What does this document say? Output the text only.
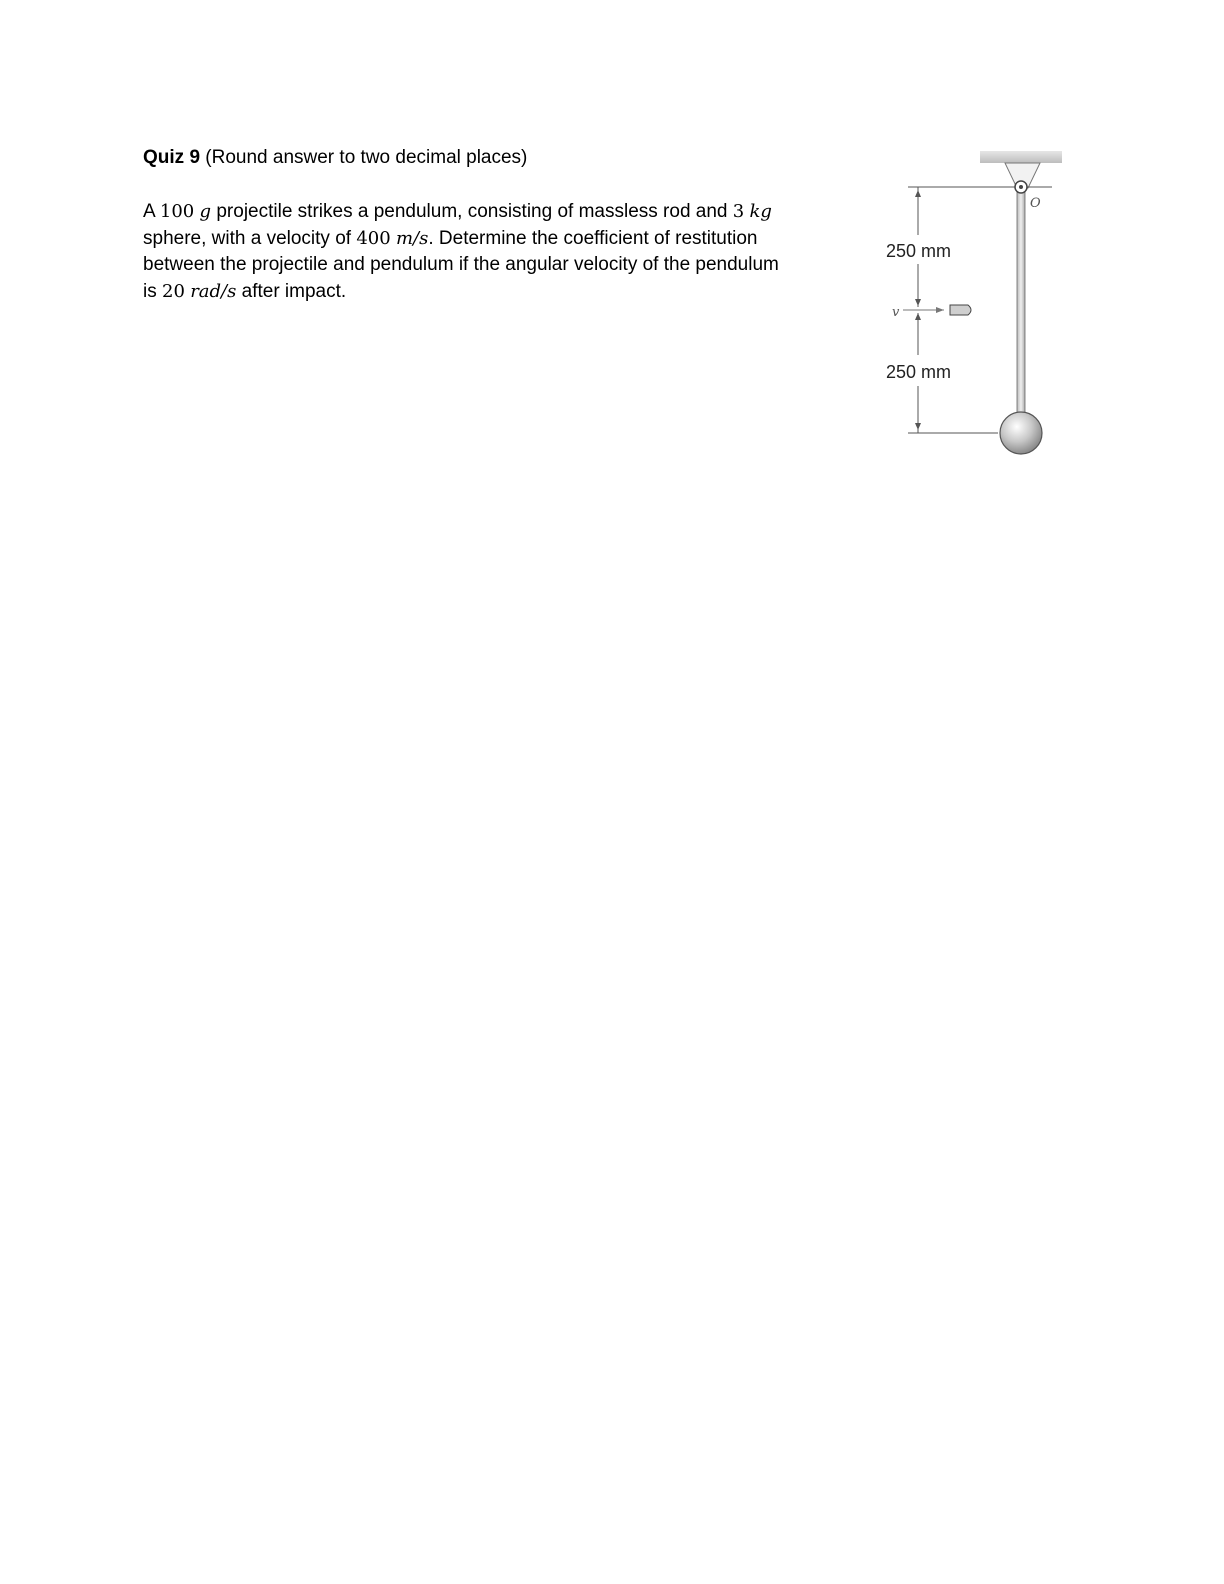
Quiz 9 (Round answer to two decimal places)
A 100 g projectile strikes a pendulum, consisting of massless rod and 3 kg
sphere, with a velocity of 400 m/s. Determine the coefficient of restitution
between the projectile and pendulum if the angular velocity of the pendulum
is 20 rad/s after impact.
O
250 mm
v
250 mm
